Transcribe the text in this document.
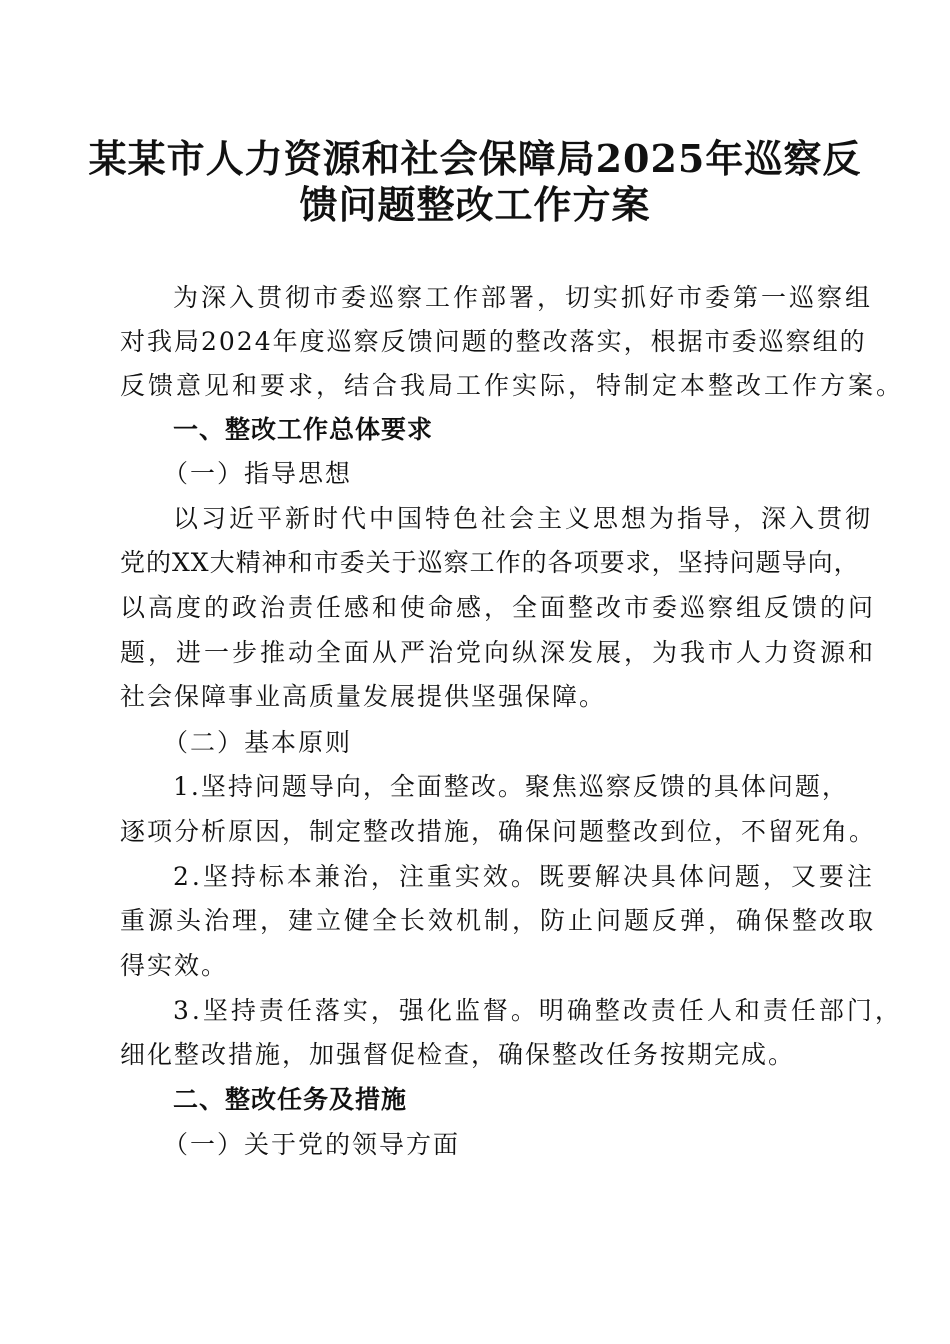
某某市人力资源和社会保障局2025年巡察反
馈问题整改工作方案
为深入贯彻市委巡察工作部署，切实抓好市委第一巡察组
对我局2024年度巡察反馈问题的整改落实，根据市委巡察组的
反馈意见和要求，结合我局工作实际，特制定本整改工作方案。
一、整改工作总体要求
（一）指导思想
以习近平新时代中国特色社会主义思想为指导，深入贯彻
党的XX大精神和市委关于巡察工作的各项要求，坚持问题导向，
以高度的政治责任感和使命感，全面整改市委巡察组反馈的问
题，进一步推动全面从严治党向纵深发展，为我市人力资源和
社会保障事业高质量发展提供坚强保障。
（二）基本原则
1.坚持问题导向，全面整改。聚焦巡察反馈的具体问题，
逐项分析原因，制定整改措施，确保问题整改到位，不留死角。
2.坚持标本兼治，注重实效。既要解决具体问题，又要注
重源头治理，建立健全长效机制，防止问题反弹，确保整改取
得实效。
3.坚持责任落实，强化监督。明确整改责任人和责任部门，
细化整改措施，加强督促检查，确保整改任务按期完成。
二、整改任务及措施
（一）关于党的领导方面
